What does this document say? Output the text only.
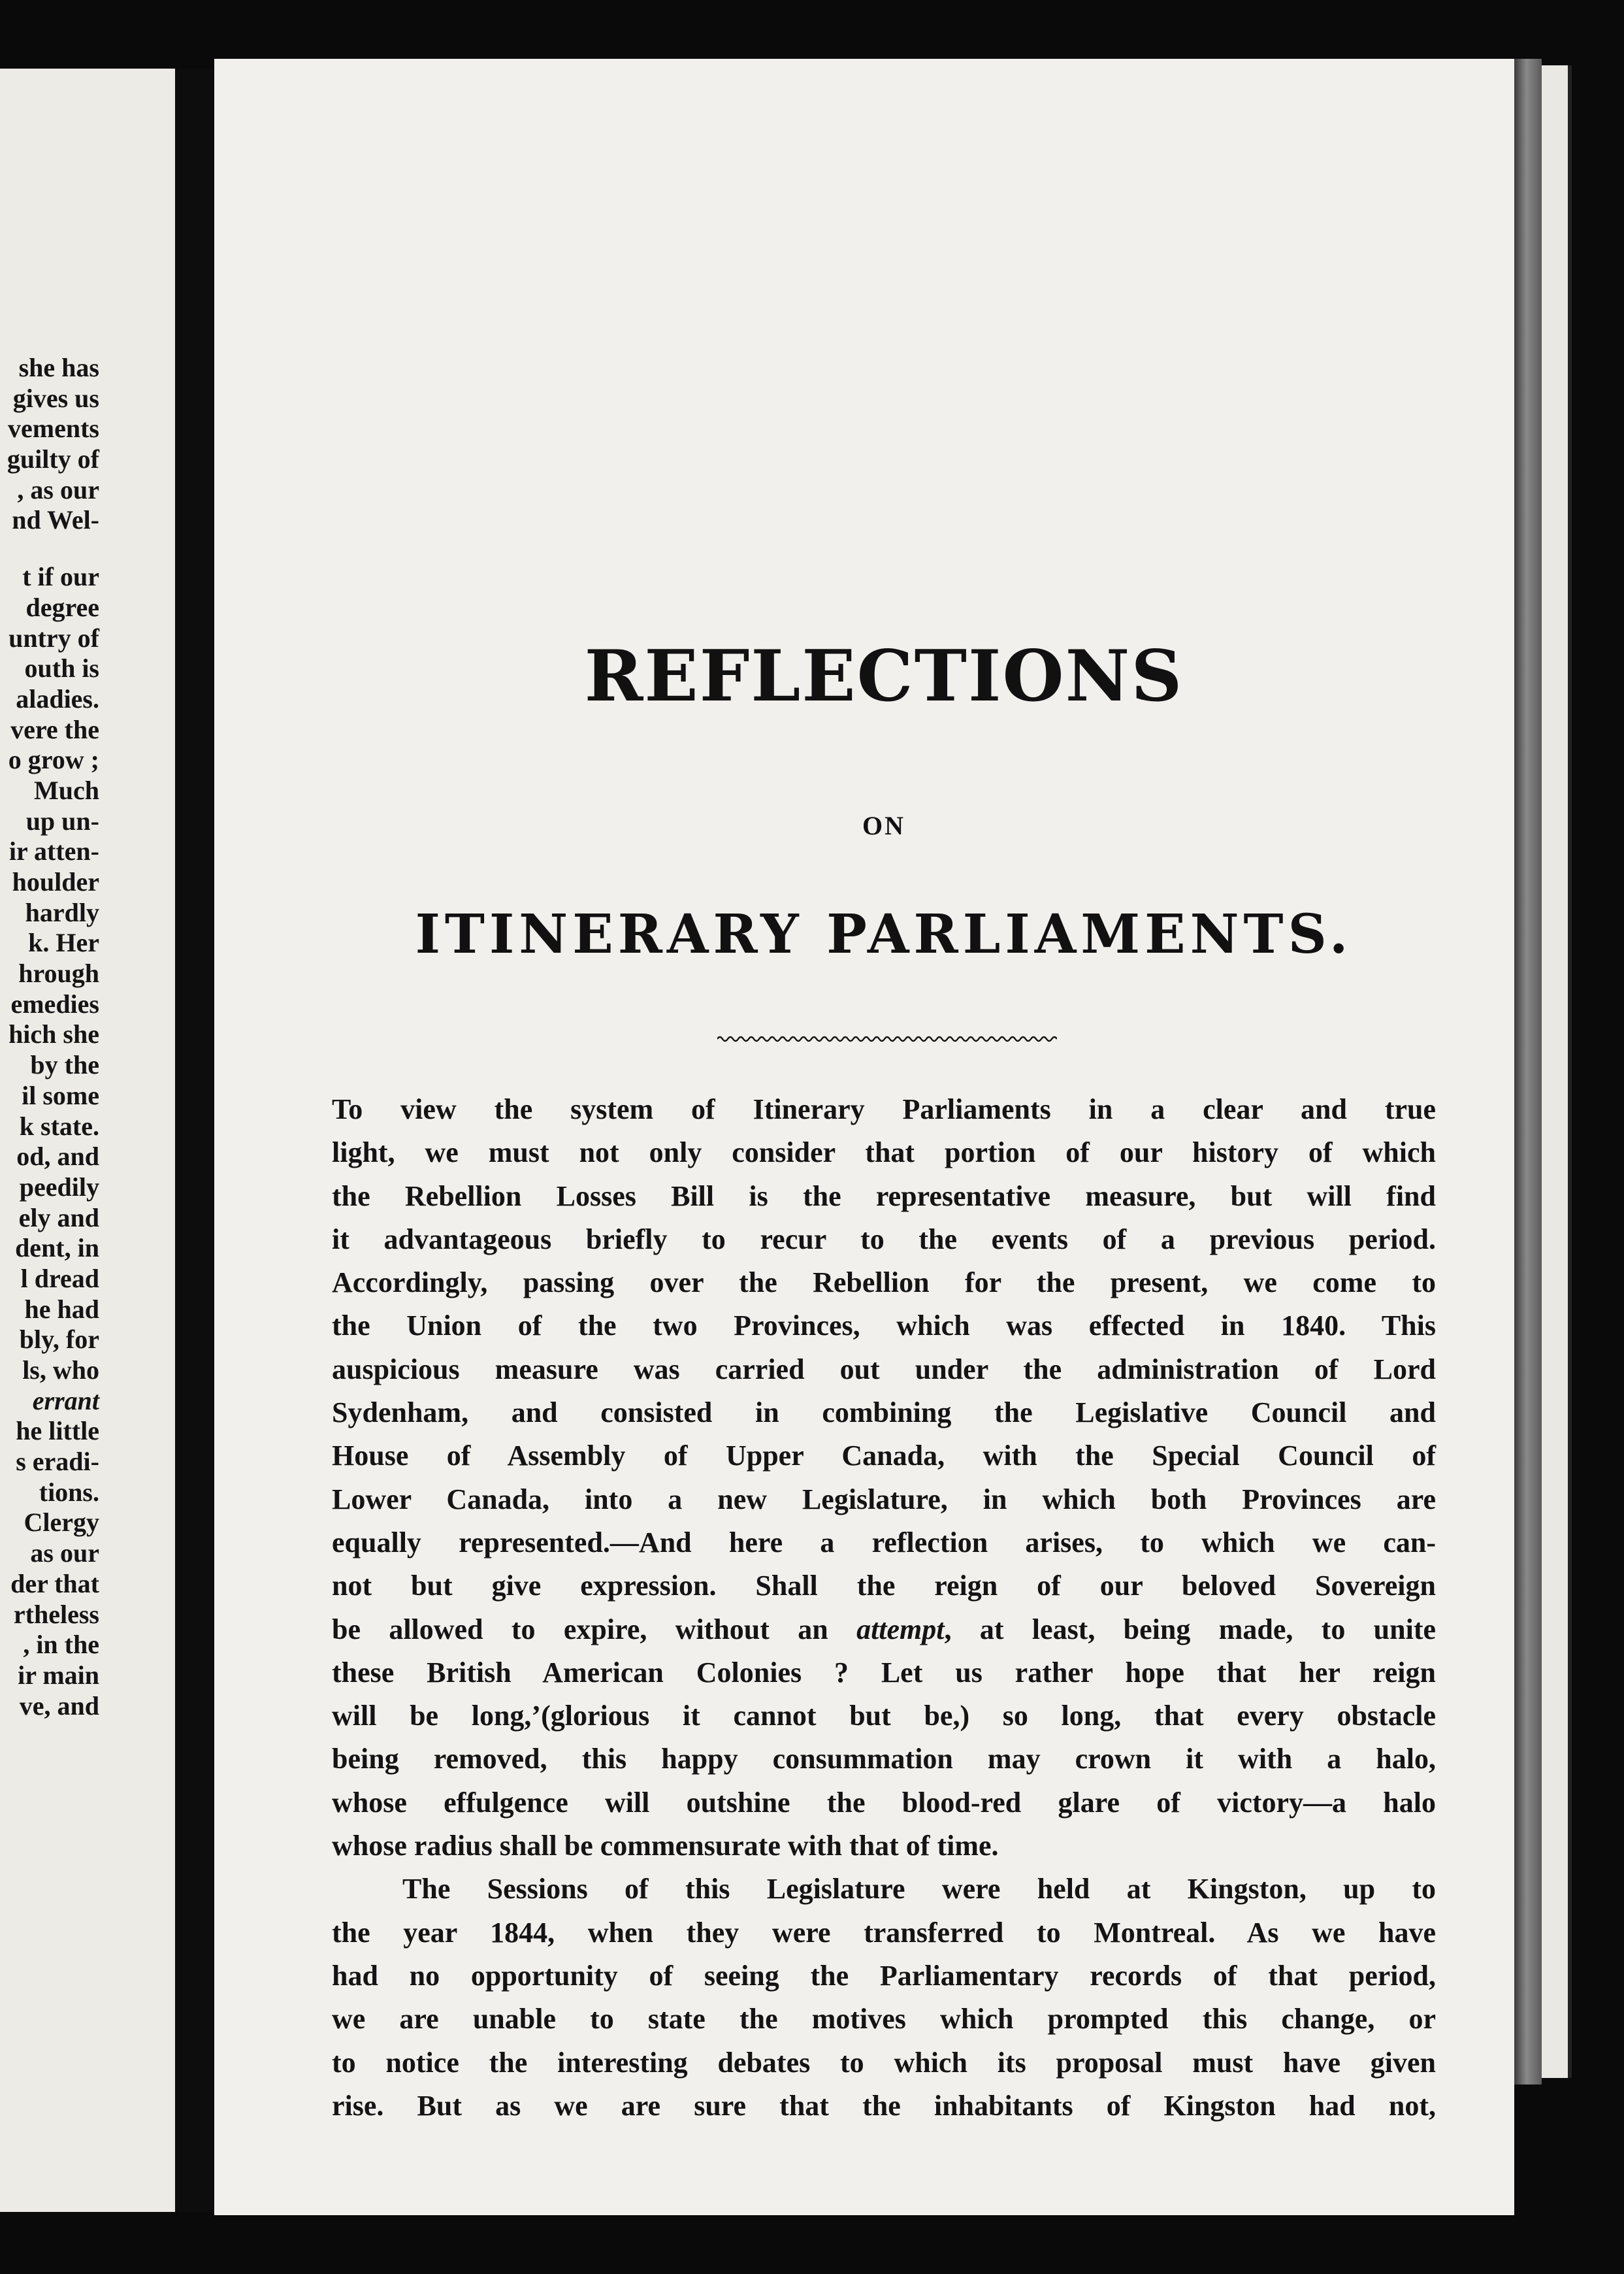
she has
gives us
vements
guilty of
, as our
nd Wel-
t if our
degree
untry of
outh is
aladies.
vere the
o grow ;
Much
up un-
ir atten-
houlder
hardly
k. Her
hrough
emedies
hich she
by the
il some
k state.
od, and
peedily
ely and
dent, in
l dread
he had
bly, for
ls, who
errant
he little
s eradi-
tions.
Clergy
as our
der that
rtheless
, in the
ir main
ve, and
REFLECTIONS
ON
ITINERARY PARLIAMENTS.
To view the system of Itinerary Parliaments in a clear and true
light, we must not only consider that portion of our history of which
the Rebellion Losses Bill is the representative measure, but will find
it advantageous briefly to recur to the events of a previous period.
Accordingly, passing over the Rebellion for the present, we come to
the Union of the two Provinces, which was effected in 1840. This
auspicious measure was carried out under the administration of Lord
Sydenham, and consisted in combining the Legislative Council and
House of Assembly of Upper Canada, with the Special Council of
Lower Canada, into a new Legislature, in which both Provinces are
equally represented.—And here a reflection arises, to which we can-
not but give expression. Shall the reign of our beloved Sovereign
be allowed to expire, without an attempt, at least, being made, to unite
these British American Colonies ? Let us rather hope that her reign
will be long,’(glorious it cannot but be,) so long, that every obstacle
being removed, this happy consummation may crown it with a halo,
whose effulgence will outshine the blood-red glare of victory—a halo
whose radius shall be commensurate with that of time.
The Sessions of this Legislature were held at Kingston, up to
the year 1844, when they were transferred to Montreal. As we have
had no opportunity of seeing the Parliamentary records of that period,
we are unable to state the motives which prompted this change, or
to notice the interesting debates to which its proposal must have given
rise. But as we are sure that the inhabitants of Kingston had not,
